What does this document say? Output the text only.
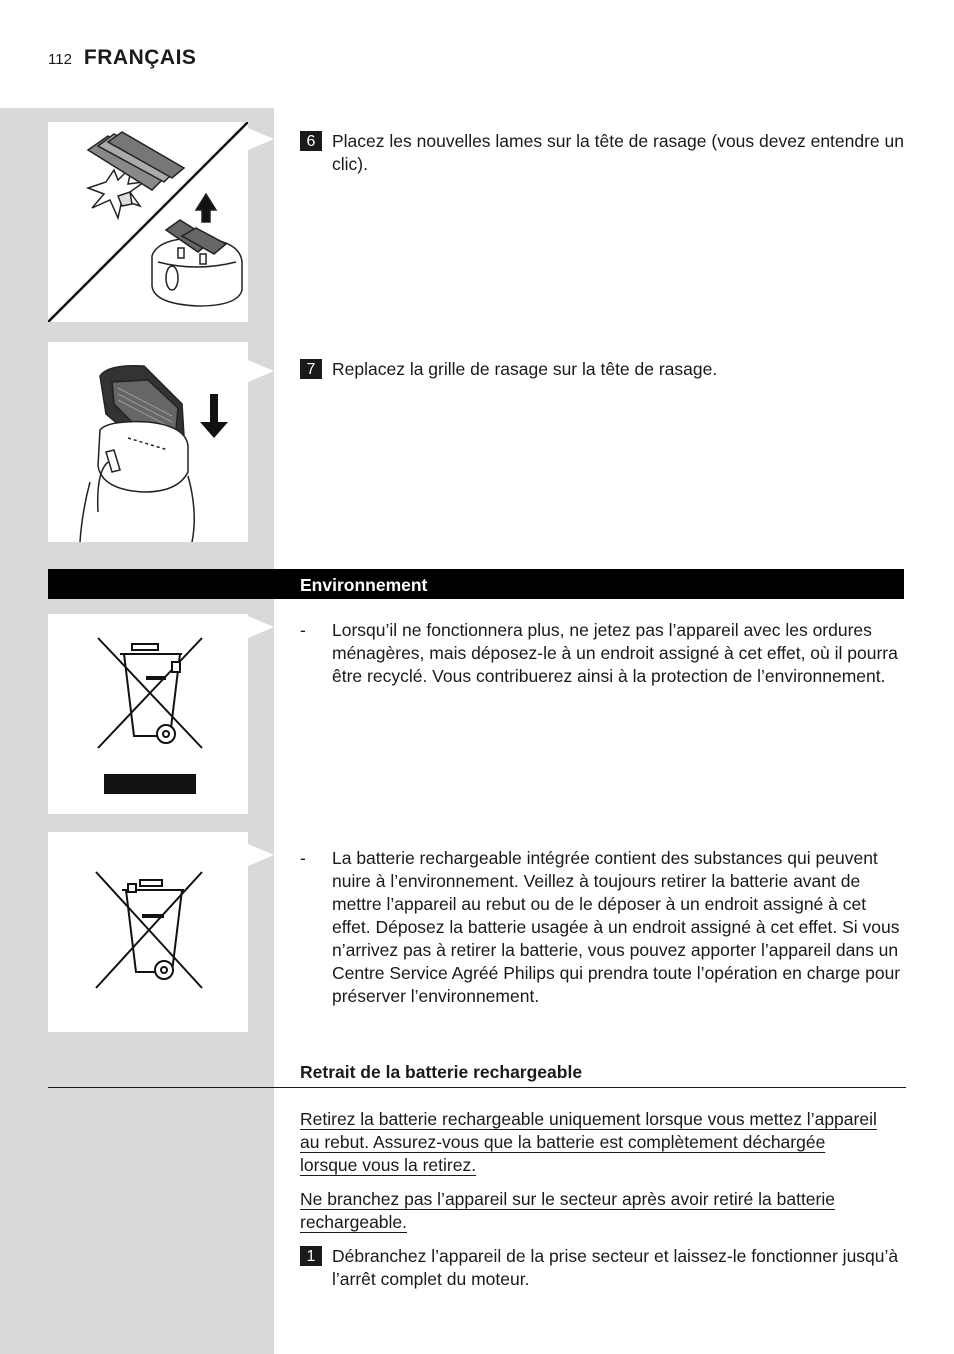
112 FRANÇAIS
6 Placez les nouvelles lames sur la tête de rasage (vous devez entendre un clic).
7 Replacez la grille de rasage sur la tête de rasage.
Environnement
-	Lorsqu’il ne fonctionnera plus, ne jetez pas l’appareil avec les ordures ménagères, mais déposez-le à un endroit assigné à cet effet, où il pourra être recyclé. Vous contribuerez ainsi à la protection de l’environnement.
-	La batterie rechargeable intégrée contient des substances qui peuvent nuire à l’environnement. Veillez à toujours retirer la batterie avant de mettre l’appareil au rebut ou de le déposer à un endroit assigné à cet effet. Déposez la batterie usagée à un endroit assigné à cet effet. Si vous n’arrivez pas à retirer la batterie, vous pouvez apporter l’appareil dans un Centre Service Agréé Philips qui prendra toute l’opération en charge pour préserver l’environnement.
Retrait de la batterie rechargeable

Retirez la batterie rechargeable uniquement lorsque vous mettez l’appareil au rebut. Assurez-vous que la batterie est complètement déchargée lorsque vous la retirez.

Ne branchez pas l’appareil sur le secteur après avoir retiré la batterie rechargeable.

1 Débranchez l’appareil de la prise secteur et laissez-le fonctionner jusqu’à l’arrêt complet du moteur.
